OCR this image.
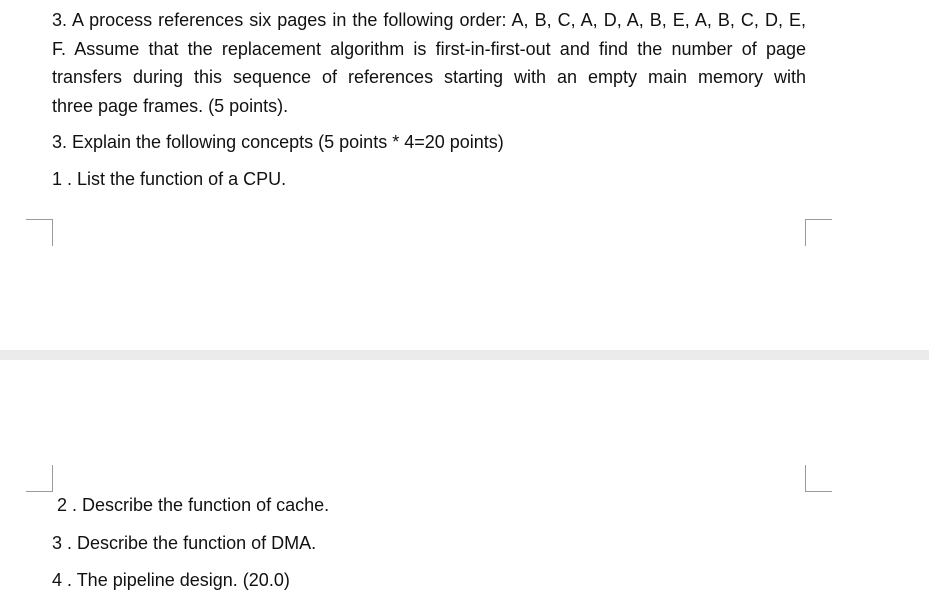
3. A process references six pages in the following order: A, B, C, A, D, A, B, E, A, B, C, D, E,
F. Assume that the replacement algorithm is first-in-first-out and find the number of page
transfers during this sequence of references starting with an empty main memory with
three page frames. (5 points).
3. Explain the following concepts (5 points * 4=20 points)
1 . List the function of a CPU.
2 . Describe the function of cache.
3 . Describe the function of DMA.
4 . The pipeline design. (20.0)
